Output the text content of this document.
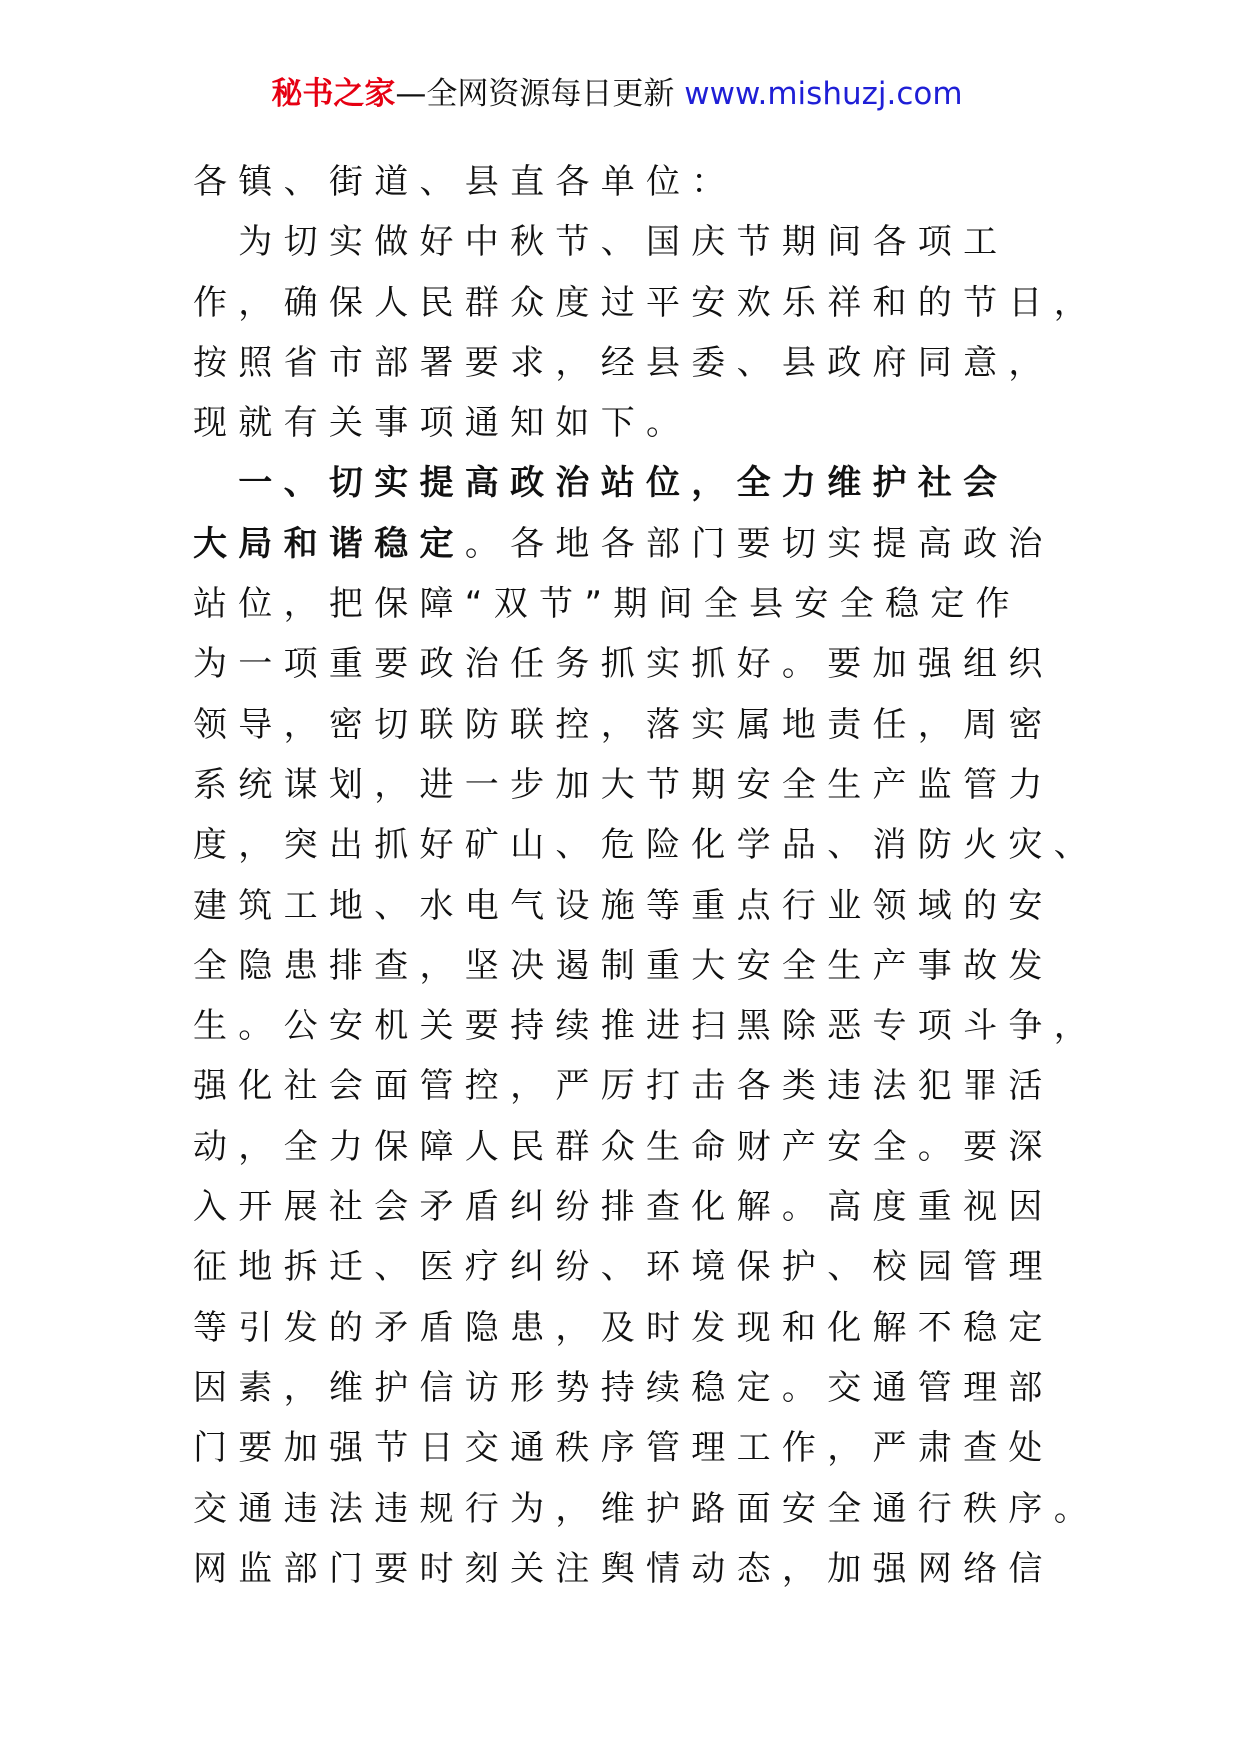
秘书之家—全网资源每日更新 www.mishuzj.com
各镇、街道、县直各单位：
　为切实做好中秋节、国庆节期间各项工
作，确保人民群众度过平安欢乐祥和的节日，
按照省市部署要求，经县委、县政府同意，
现就有关事项通知如下。
　一、切实提高政治站位，全力维护社会
大局和谐稳定。各地各部门要切实提高政治
站位，把保障“双节”期间全县安全稳定作
为一项重要政治任务抓实抓好。要加强组织
领导，密切联防联控，落实属地责任，周密
系统谋划，进一步加大节期安全生产监管力
度，突出抓好矿山、危险化学品、消防火灾、
建筑工地、水电气设施等重点行业领域的安
全隐患排查，坚决遏制重大安全生产事故发
生。公安机关要持续推进扫黑除恶专项斗争，
强化社会面管控，严厉打击各类违法犯罪活
动，全力保障人民群众生命财产安全。要深
入开展社会矛盾纠纷排查化解。高度重视因
征地拆迁、医疗纠纷、环境保护、校园管理
等引发的矛盾隐患，及时发现和化解不稳定
因素，维护信访形势持续稳定。交通管理部
门要加强节日交通秩序管理工作，严肃查处
交通违法违规行为，维护路面安全通行秩序。
网监部门要时刻关注舆情动态，加强网络信
